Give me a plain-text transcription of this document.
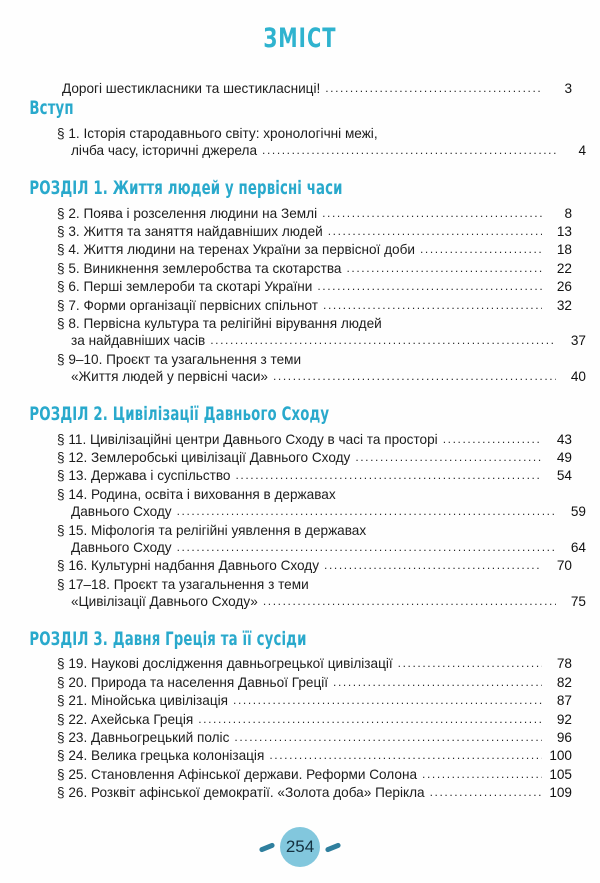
ЗМІСТ
Дорогі шестикласники та шестикласниці! .....	3
Вступ
§ 1. Історія стародавнього світу: хронологічні межі,
лічба часу, історичні джерела .....	4
РОЗДІЛ 1. Життя людей у первісні часи
§ 2. Поява і розселення людини на Землі .....	8
§ 3. Життя та заняття найдавніших людей .....	13
§ 4. Життя людини на теренах України за первісної доби .....	18
§ 5. Виникнення землеробства та скотарства .....	22
§ 6. Перші землероби та скотарі України .....	26
§ 7. Форми організації первісних спільнот .....	32
§ 8. Первісна культура та релігійні вірування людей
за найдавніших часів .....	37
§ 9–10. Проєкт та узагальнення з теми
«Життя людей у первісні часи» .....	40
РОЗДІЛ 2. Цивілізації Давнього Сходу
§ 11. Цивілізаційні центри Давнього Сходу в часі та просторі .....	43
§ 12. Землеробські цивілізації Давнього Сходу .....	49
§ 13. Держава і суспільство .....	54
§ 14. Родина, освіта і виховання в державах
Давнього Сходу .....	59
§ 15. Міфологія та релігійні уявлення в державах
Давнього Сходу .....	64
§ 16. Культурні надбання Давнього Сходу .....	70
§ 17–18. Проєкт та узагальнення з теми
«Цивілізації Давнього Сходу» .....	75
РОЗДІЛ 3. Давня Греція та її сусіди
§ 19. Наукові дослідження давньогрецької цивілізації .....	78
§ 20. Природа та населення Давньої Греції .....	82
§ 21. Мінойська цивілізація .....	87
§ 22. Ахейська Греція .....	92
§ 23. Давньогрецький поліс .....	96
§ 24. Велика грецька колонізація .....	100
§ 25. Становлення Афінської держави. Реформи Солона .....	105
§ 26. Розквіт афінської демократії. «Золота доба» Перікла .....	109
254
